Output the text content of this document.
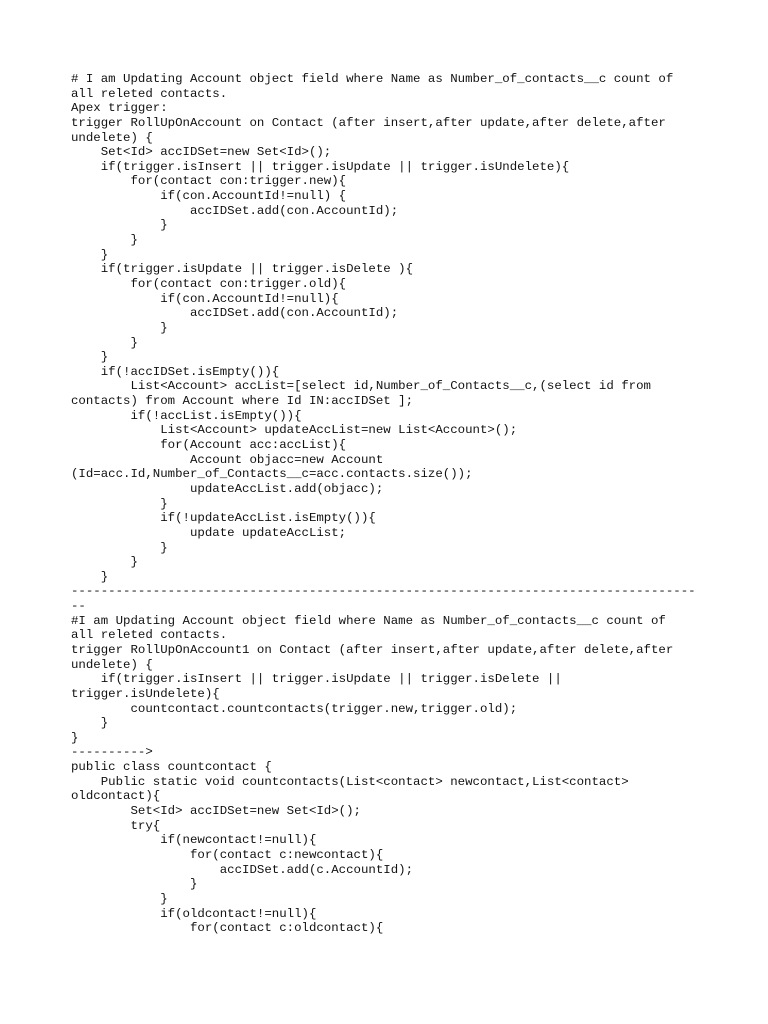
# I am Updating Account object field where Name as Number_of_contacts__c count of
all releted contacts.
Apex trigger:
trigger RollUpOnAccount on Contact (after insert,after update,after delete,after
undelete) {
Set<Id> accIDSet=new Set<Id>();
if(trigger.isInsert || trigger.isUpdate || trigger.isUndelete){
for(contact con:trigger.new){
if(con.AccountId!=null) {
accIDSet.add(con.AccountId);
}
}
}
if(trigger.isUpdate || trigger.isDelete ){
for(contact con:trigger.old){
if(con.AccountId!=null){
accIDSet.add(con.AccountId);
}
}
}
if(!accIDSet.isEmpty()){
List<Account> accList=[select id,Number_of_Contacts__c,(select id from
contacts) from Account where Id IN:accIDSet ];
if(!accList.isEmpty()){
List<Account> updateAccList=new List<Account>();
for(Account acc:accList){
Account objacc=new Account
(Id=acc.Id,Number_of_Contacts__c=acc.contacts.size());
updateAccList.add(objacc);
}
if(!updateAccList.isEmpty()){
update updateAccList;
}
}
}
------------------------------------------------------------------------------------
--
#I am Updating Account object field where Name as Number_of_contacts__c count of
all releted contacts.
trigger RollUpOnAccount1 on Contact (after insert,after update,after delete,after
undelete) {
if(trigger.isInsert || trigger.isUpdate || trigger.isDelete ||
trigger.isUndelete){
countcontact.countcontacts(trigger.new,trigger.old);
}
}
---------->
public class countcontact {
Public static void countcontacts(List<contact> newcontact,List<contact>
oldcontact){
Set<Id> accIDSet=new Set<Id>();
try{
if(newcontact!=null){
for(contact c:newcontact){
accIDSet.add(c.AccountId);
}
}
if(oldcontact!=null){
for(contact c:oldcontact){
